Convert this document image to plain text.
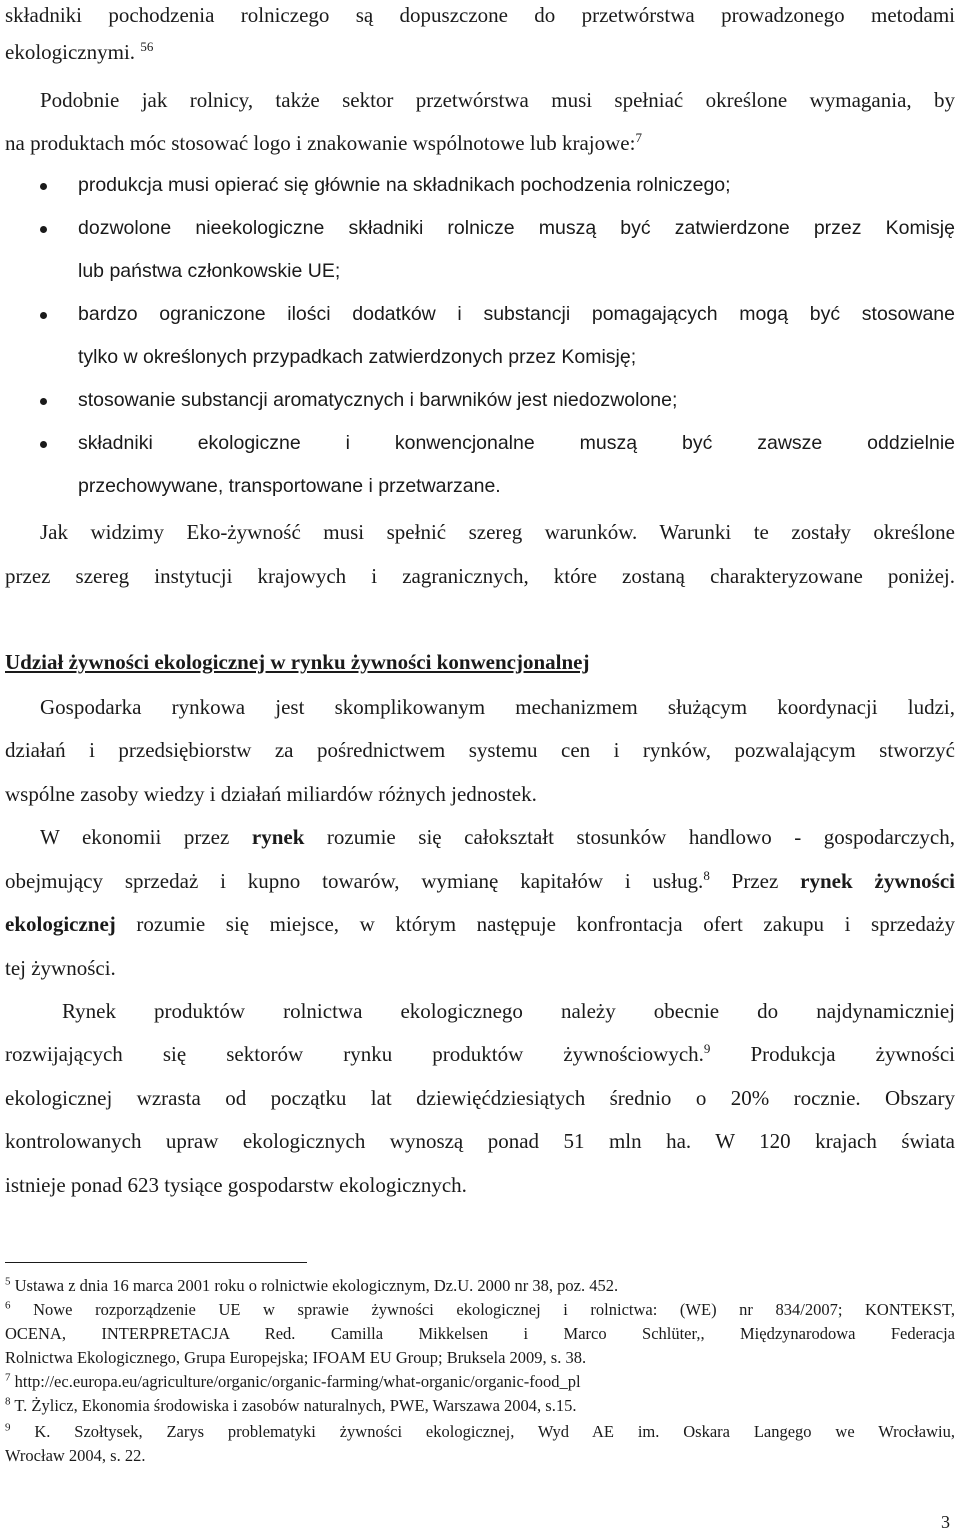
składniki pochodzenia rolniczego są dopuszczone do przetwórstwa prowadzonego metodami
ekologicznymi. $^{56}$
Podobnie jak rolnicy, także sektor przetwórstwa musi spełniać określone wymagania, by
na produktach móc stosować logo i znakowanie wspólnotowe lub krajowe:$^7$
produkcja musi opierać się głównie na składnikach pochodzenia rolniczego;
dozwolone nieekologiczne składniki rolnicze muszą być zatwierdzone przez Komisję
lub państwa członkowskie UE;
bardzo ograniczone ilości dodatków i substancji pomagających mogą być stosowane
tylko w określonych przypadkach zatwierdzonych przez Komisję;
stosowanie substancji aromatycznych i barwników jest niedozwolone;
składniki ekologiczne i konwencjonalne muszą być zawsze oddzielnie
przechowywane, transportowane i przetwarzane.
Jak widzimy Eko-żywność musi spełnić szereg warunków. Warunki te zostały określone
przez szereg instytucji krajowych i zagranicznych, które zostaną charakteryzowane poniżej.
Udział żywności ekologicznej w rynku żywności konwencjonalnej
Gospodarka rynkowa jest skomplikowanym mechanizmem służącym koordynacji ludzi,
działań i przedsiębiorstw za pośrednictwem systemu cen i rynków, pozwalającym stworzyć
wspólne zasoby wiedzy i działań miliardów różnych jednostek.
W ekonomii przez rynek rozumie się całokształt stosunków handlowo - gospodarczych,
obejmujący sprzedaż i kupno towarów, wymianę kapitałów i usług.$^8$ Przez rynek żywności
ekologicznej rozumie się miejsce, w którym następuje konfrontacja ofert zakupu i sprzedaży
tej żywności.
Rynek produktów rolnictwa ekologicznego należy obecnie do najdynamiczniej
rozwijających się sektorów rynku produktów żywnościowych.$^9$ Produkcja żywności
ekologicznej wzrasta od początku lat dziewięćdziesiątych średnio o 20% rocznie. Obszary
kontrolowanych upraw ekologicznych wynoszą ponad 51 mln ha. W 120 krajach świata
istnieje ponad 623 tysiące gospodarstw ekologicznych.
$^5$ Ustawa z dnia 16 marca 2001 roku o rolnictwie ekologicznym, Dz.U. 2000 nr 38, poz. 452.
$^6$ Nowe rozporządzenie UE w sprawie żywności ekologicznej i rolnictwa: (WE) nr 834/2007; KONTEKST,
OCENA, INTERPRETACJA Red. Camilla Mikkelsen i Marco Schlüter,, Międzynarodowa Federacja
Rolnictwa Ekologicznego, Grupa Europejska; IFOAM EU Group; Bruksela 2009, s. 38.
$^7$ http://ec.europa.eu/agriculture/organic/organic-farming/what-organic/organic-food_pl
$^8$ T. Żylicz, Ekonomia środowiska i zasobów naturalnych, PWE, Warszawa 2004, s.15.
$^9$ K. Szołtysek, Zarys problematyki żywności ekologicznej, Wyd AE im. Oskara Langego we Wrocławiu,
Wrocław 2004, s. 22.
3
